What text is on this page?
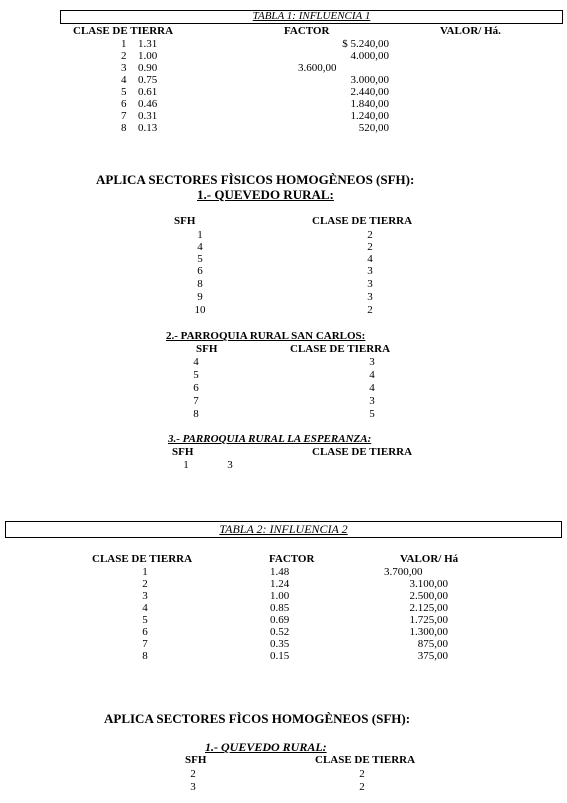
TABLA 1: INFLUENCIA 1
CLASE DE TIERRA	FACTOR	VALOR/ Há.
1 1.31	$ 5.240,00
2 1.00	4.000,00
3 0.90	3.600,00
4 0.75	3.000,00
5 0.61	2.440,00
6 0.46	1.840,00
7 0.31	1.240,00
8 0.13	520,00
APLICA SECTORES FÌSICOS HOMOGÈNEOS (SFH):
1.- QUEVEDO RURAL:
SFH	CLASE DE TIERRA
1	2
4	2
5	4
6	3
8	3
9	3
10	2
2.- PARROQUIA RURAL SAN CARLOS:
SFH	CLASE DE TIERRA
4	3
5	4
6	4
7	3
8	5
3.- PARROQUIA RURAL LA ESPERANZA:
SFH	CLASE DE TIERRA
1	3
TABLA 2: INFLUENCIA 2
CLASE DE TIERRA	FACTOR	VALOR/ Há
1	1.48	3.700,00
2	1.24	3.100,00
3	1.00	2.500,00
4	0.85	2.125,00
5	0.69	1.725,00
6	0.52	1.300,00
7	0.35	875,00
8	0.15	375,00
APLICA SECTORES FÌCOS HOMOGÈNEOS (SFH):
1.- QUEVEDO RURAL:
SFH	CLASE DE TIERRA
2	2
3	2
